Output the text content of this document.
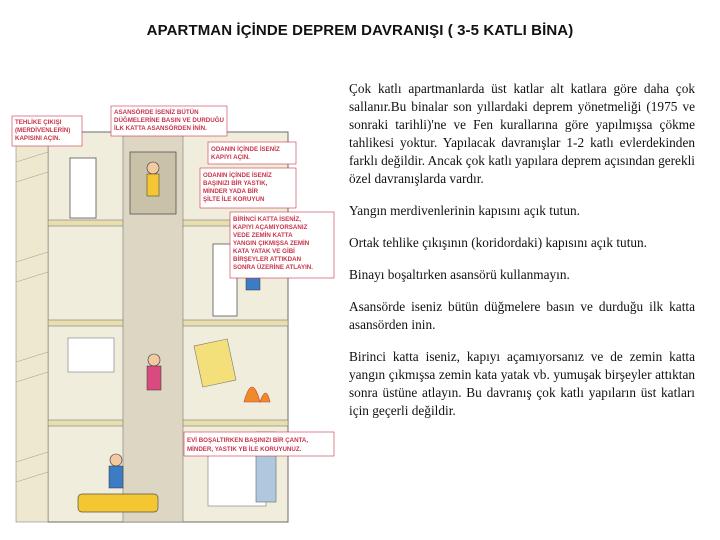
APARTMAN İÇİNDE DEPREM DAVRANIŞI ( 3-5 KATLI BİNA)
TEHLİKE ÇIKIŞI
(MERDİVENLERİN)
KAPISINI AÇIN.
ASANSÖRDE İSENİZ BÜTÜN
DÜĞMELERİNE BASIN VE DURDUĞU
İLK KATTA ASANSÖRDEN İNİN.
ODANIN İÇİNDE İSENİZ
KAPIYI AÇIN.
ODANIN İÇİNDE İSENİZ
BAŞINIZI BİR YASTIK,
MİNDER YADA BİR
ŞİLTE İLE KORUYUN
BİRİNCİ KATTA İSENİZ,
KAPIYI AÇAMIYORSANIZ
VEDE ZEMİN KATTA
YANGIN ÇIKMIŞSA ZEMİN
KATA YATAK VE GİBİ
BİRŞEYLER ATTIKDAN
SONRA ÜZERİNE ATLAYIN.
EVİ BOŞALTIRKEN BAŞINIZI BİR ÇANTA,
MİNDER, YASTIK YB İLE KORUYUNUZ.

Çok katlı apartmanlarda üst katlar alt katlara göre daha çok sallanır.Bu binalar son yıllardaki deprem yönetmeliği (1975 ve sonraki tarihli)'ne ve Fen kurallarına göre yapılmışsa çökme tahlikesi yoktur. Yapılacak davranışlar 1-2 katlı evlerdekinden farklı değildir. Ancak çok katlı yapılara deprem açısından gerekli özel davranışlarda vardır.

Yangın merdivenlerinin kapısını açık tutun.

Ortak tehlike çıkışının (koridordaki) kapısını açık tutun.

Binayı boşaltırken asansörü kullanmayın.

Asansörde iseniz bütün düğmelere basın ve durduğu ilk katta asansörden inin.

Birinci katta iseniz, kapıyı açamıyorsanız ve de zemin katta yangın çıkmışsa zemin kata yatak vb. yumuşak birşeyler attıktan sonra üstüne atlayın. Bu davranış çok katlı yapıların üst katları için geçerli değildir.
